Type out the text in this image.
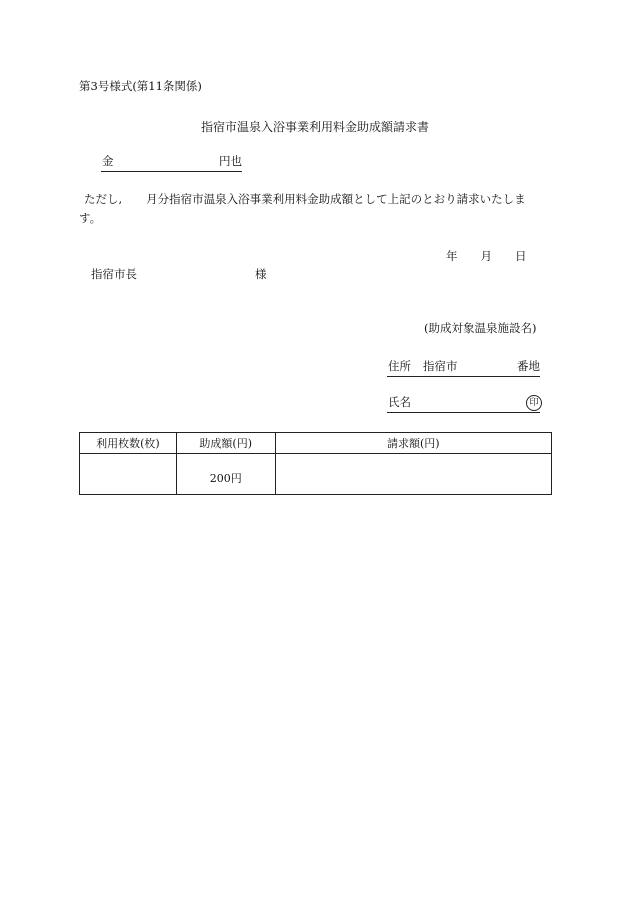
第3号様式(第11条関係)
指宿市温泉入浴事業利用料金助成額請求書
金	円也
ただし, 月分指宿市温泉入浴事業利用料金助成額として上記のとおり請求いたしま
す。
年 月 日
指宿市長	様
(助成対象温泉施設名)
住所 指宿市	番地
氏名	印
利用枚数(枚)	助成額(円)	請求額(円)
	200円	
